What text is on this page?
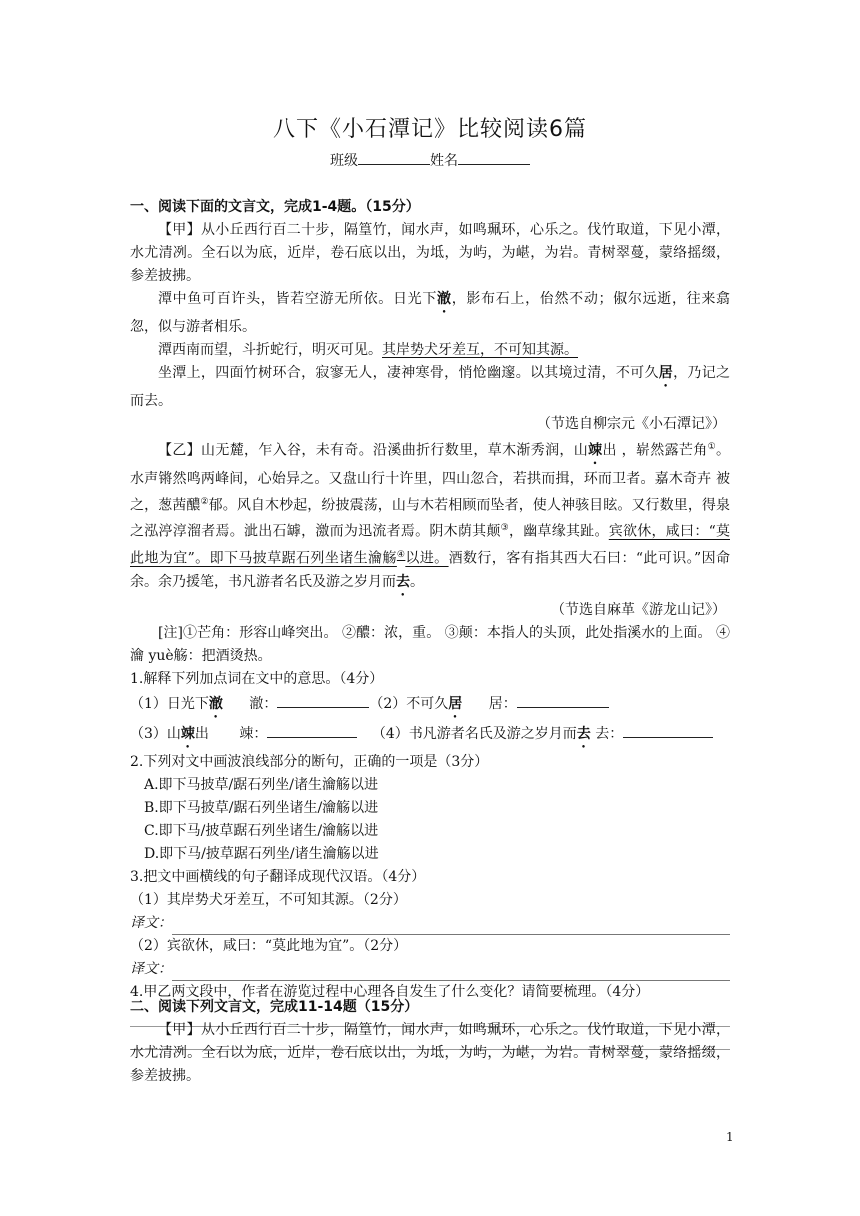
八下《小石潭记》比较阅读6篇
班级	姓名

一、阅读下面的文言文，完成1-4题。（15分）

【甲】从小丘西行百二十步，隔篁竹，闻水声，如鸣珮环，心乐之。伐竹取道，下见小潭，水尤清冽。全石以为底，近岸，卷石底以出，为坻，为屿，为嵁，为岩。青树翠蔓，蒙络摇缀，参差披拂。

潭中鱼可百许头，皆若空游无所依。日光下澈，影布石上，佁然不动；俶尔远逝，往来翕忽，似与游者相乐。

潭西南而望，斗折蛇行，明灭可见。其岸势犬牙差互，不可知其源。

坐潭上，四面竹树环合，寂寥无人，凄神寒骨，悄怆幽邃。以其境过清，不可久居，乃记之而去。

（节选自柳宗元《小石潭记》）

【乙】山无麓，乍入谷，未有奇。沿溪曲折行数里，草木渐秀润，山竦出 ，崭然露芒角①。水声锵然鸣两峰间，心始异之。又盘山行十许里，四山忽合，若拱而揖，环而卫者。嘉木奇卉 被之，葱茜醲②郁。风自木杪起，纷披震荡，山与木若相顾而坠者，使人神骇目眩。又行数里，得泉之泓渟淳溜者焉。泚出石罅，激而为迅流者焉。阴木荫其颠③，幽草缘其趾。宾欲休，咸曰：“莫此地为宜”。即下马披草踞石列坐诸生瀹觞④以进。酒数行，客有指其西大石曰：“此可识。”因命余。余乃援笔，书凡游者名氏及游之岁月而去。

（节选自麻革《游龙山记》）

[注]①芒角：形容山峰突出。 ②醲：浓，重。 ③颠：本指人的头顶，此处指溪水的上面。 ④瀹 yuè觞：把酒烫热。

1.解释下列加点词在文中的意思。（4分）

（1）日光下澈 澈：	（2）不可久居 居：

（3）山竦出 竦：	（4）书凡游者名氏及游之岁月而去 去：

2.下列对文中画波浪线部分的断句，正确的一项是（3分）

A.即下马披草/踞石列坐/诸生瀹觞以进

B.即下马披草/踞石列坐诸生/瀹觞以进

C.即下马/披草踞石列坐诸生/瀹觞以进

D.即下马/披草踞石列坐/诸生瀹觞以进

3.把文中画横线的句子翻译成现代汉语。（4分）

（1）其岸势犬牙差互，不可知其源。（2分）

译文：

（2）宾欲休，咸曰：“莫此地为宜”。（2分）

译文：

4.甲乙两文段中，作者在游览过程中心理各自发生了什么变化？请简要梳理。（4分）

二、阅读下列文言文，完成11-14题（15分）

【甲】从小丘西行百二十步，隔篁竹，闻水声，如鸣珮环，心乐之。伐竹取道，下见小潭，水尤清冽。全石以为底，近岸，卷石底以出，为坻，为屿，为嵁，为岩。青树翠蔓，蒙络摇缀，参差披拂。

1
